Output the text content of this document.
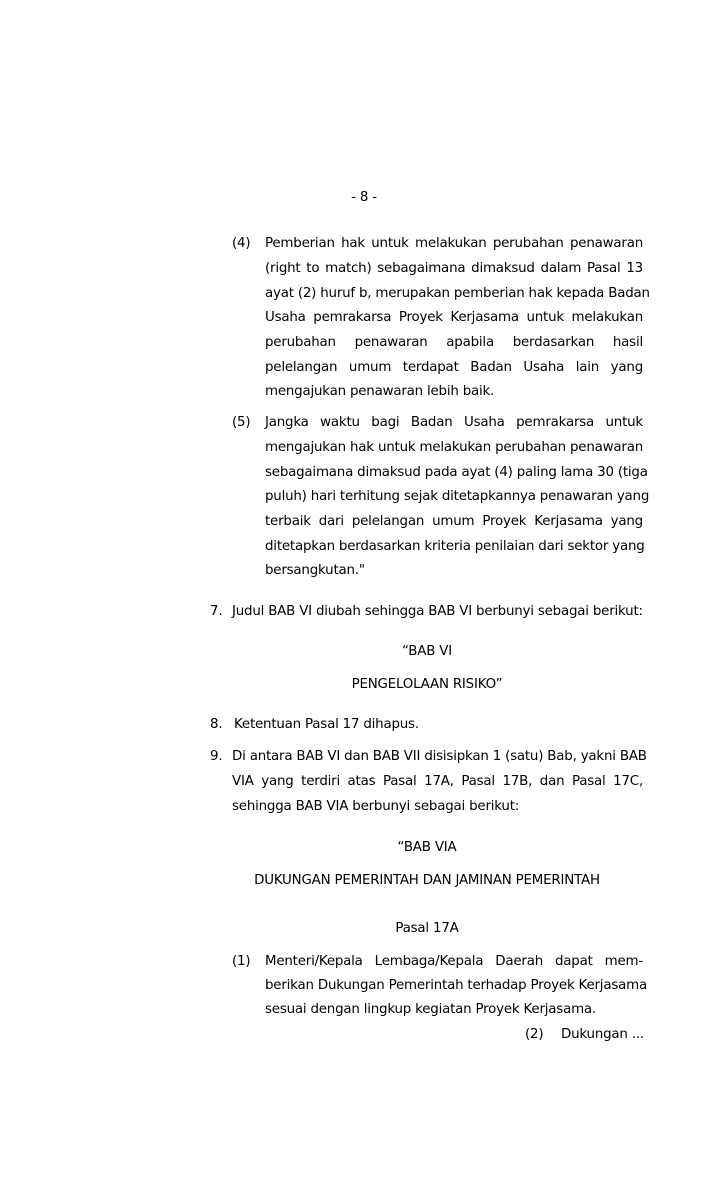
- 8 -
(4) Pemberian hak untuk melakukan perubahan penawaran
(right to match) sebagaimana dimaksud dalam Pasal 13
ayat (2) huruf b, merupakan pemberian hak kepada Badan
Usaha pemrakarsa Proyek Kerjasama untuk melakukan
perubahan penawaran apabila berdasarkan hasil
pelelangan umum terdapat Badan Usaha lain yang
mengajukan penawaran lebih baik.
(5) Jangka waktu bagi Badan Usaha pemrakarsa untuk
mengajukan hak untuk melakukan perubahan penawaran
sebagaimana dimaksud pada ayat (4) paling lama 30 (tiga
puluh) hari terhitung sejak ditetapkannya penawaran yang
terbaik dari pelelangan umum Proyek Kerjasama yang
ditetapkan berdasarkan kriteria penilaian dari sektor yang
bersangkutan."
7. Judul BAB VI diubah sehingga BAB VI berbunyi sebagai berikut:
“BAB VI
PENGELOLAAN RISIKO”
8. Ketentuan Pasal 17 dihapus.
9. Di antara BAB VI dan BAB VII disisipkan 1 (satu) Bab, yakni BAB
VIA yang terdiri atas Pasal 17A, Pasal 17B, dan Pasal 17C,
sehingga BAB VIA berbunyi sebagai berikut:
“BAB VIA
DUKUNGAN PEMERINTAH DAN JAMINAN PEMERINTAH
Pasal 17A
(1) Menteri/Kepala Lembaga/Kepala Daerah dapat mem-
berikan Dukungan Pemerintah terhadap Proyek Kerjasama
sesuai dengan lingkup kegiatan Proyek Kerjasama.
(2) Dukungan ...
